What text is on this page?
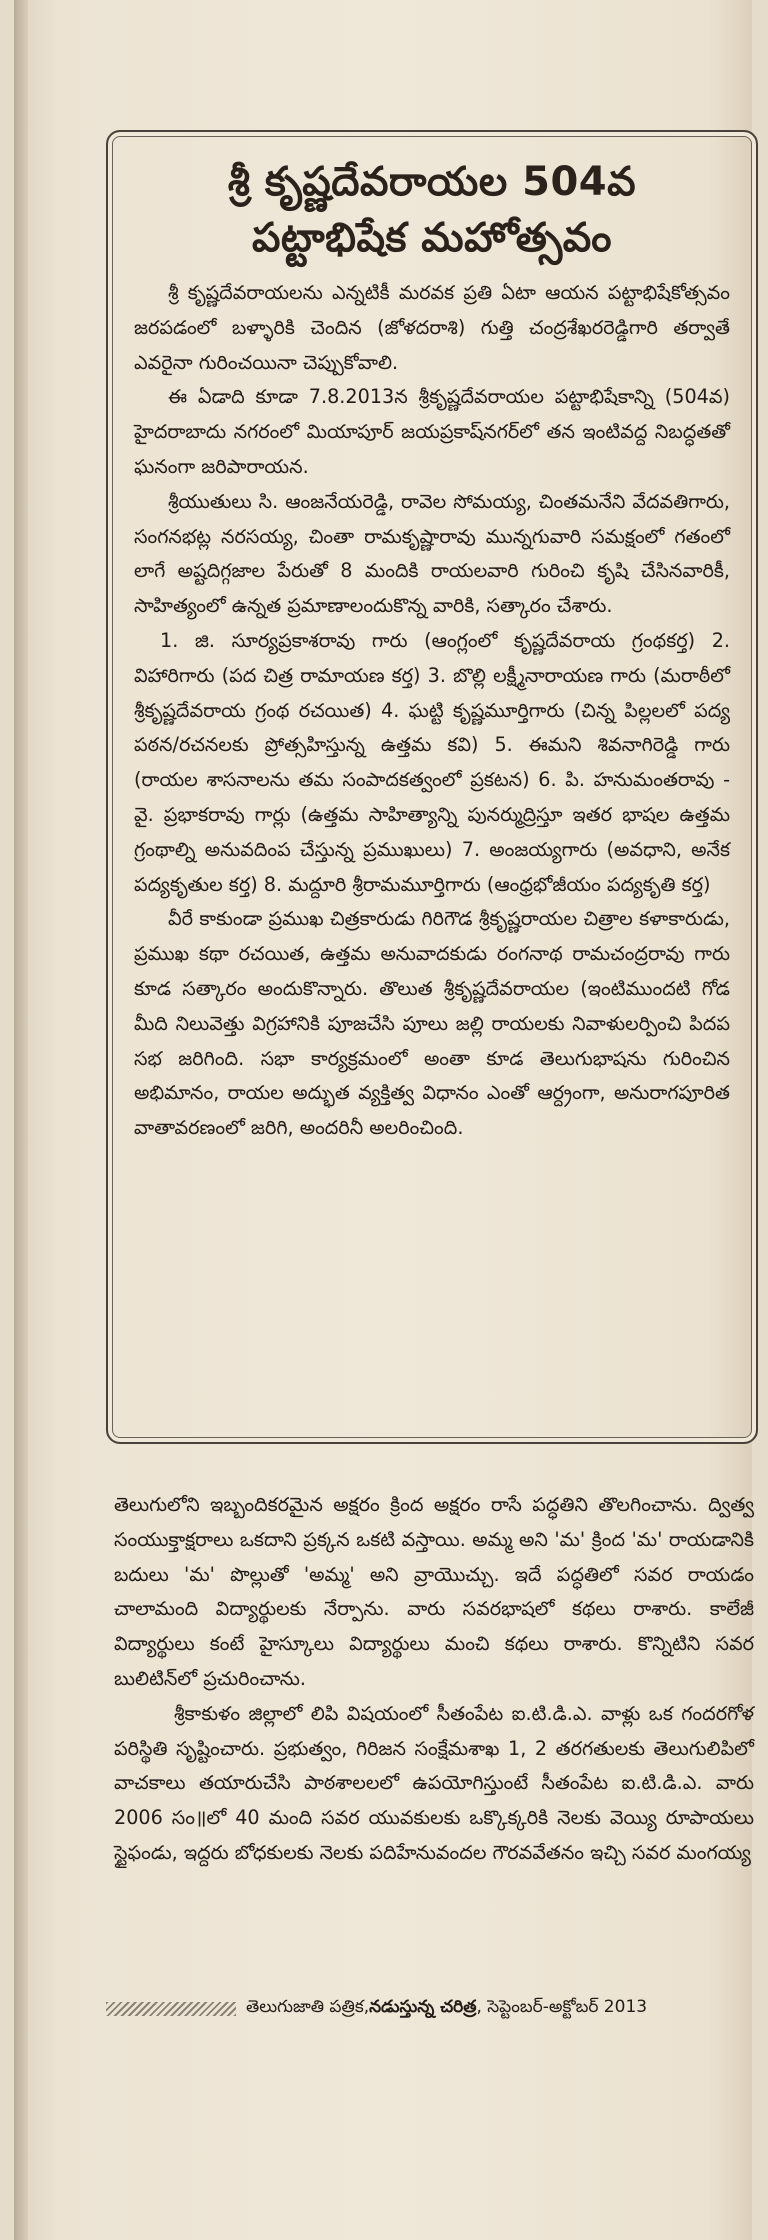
శ్రీ కృష్ణదేవరాయల 504వ
పట్టాభిషేక మహోత్సవం

శ్రీ కృష్ణదేవరాయలను ఎన్నటికీ మరవక ప్రతి ఏటా ఆయన పట్టాభిషేకోత్సవం జరపడంలో బళ్ళారికి చెందిన (జోళదరాశి) గుత్తి చంద్రశేఖరరెడ్డిగారి తర్వాతే ఎవరైనా గురించయినా చెప్పుకోవాలి.

ఈ ఏడాది కూడా 7.8.2013న శ్రీకృష్ణదేవరాయల పట్టాభిషేకాన్ని (504వ) హైదరాబాదు నగరంలో మియాపూర్ జయప్రకాష్‌నగర్‌లో తన ఇంటివద్ద నిబద్ధతతో ఘనంగా జరిపారాయన.

శ్రీయుతులు సి. ఆంజనేయరెడ్డి, రావెల సోమయ్య, చింతమనేని వేదవతిగారు, సంగనభట్ల నరసయ్య, చింతా రామకృష్ణారావు మున్నగువారి సమక్షంలో గతంలో లాగే అష్టదిగ్గజాల పేరుతో 8 మందికి రాయలవారి గురించి కృషి చేసినవారికీ, సాహిత్యంలో ఉన్నత ప్రమాణాలందుకొన్న వారికి, సత్కారం చేశారు.

1. జి. సూర్యప్రకాశరావు గారు (ఆంగ్లంలో కృష్ణదేవరాయ గ్రంథకర్త) 2. విహారిగారు (పద చిత్ర రామాయణ కర్త) 3. బొల్లి లక్ష్మీనారాయణ గారు (మరాఠీలో శ్రీకృష్ణదేవరాయ గ్రంథ రచయిత) 4. ఘట్టి కృష్ణమూర్తిగారు (చిన్న పిల్లలలో పద్య పఠన/రచనలకు ప్రోత్సహిస్తున్న ఉత్తమ కవి) 5. ఈమని శివనాగిరెడ్డి గారు (రాయల శాసనాలను తమ సంపాదకత్వంలో ప్రకటన) 6. పి. హనుమంతరావు - వై. ప్రభాకరావు గార్లు (ఉత్తమ సాహిత్యాన్ని పునర్ముద్రిస్తూ ఇతర భాషల ఉత్తమ గ్రంథాల్ని అనువదింప చేస్తున్న ప్రముఖులు) 7. అంజయ్యగారు (అవధాని, అనేక పద్యకృతుల కర్త) 8. మద్దూరి శ్రీరామమూర్తిగారు (ఆంధ్రభోజీయం పద్యకృతి కర్త)

వీరే కాకుండా ప్రముఖ చిత్రకారుడు గిరిగౌడ శ్రీకృష్ణరాయల చిత్రాల కళాకారుడు, ప్రముఖ కథా రచయిత, ఉత్తమ అనువాదకుడు రంగనాథ రామచంద్రరావు గారు కూడ సత్కారం అందుకొన్నారు. తొలుత శ్రీకృష్ణదేవరాయల (ఇంటిముందటి గోడ మీది నిలువెత్తు విగ్రహానికి పూజచేసి పూలు జల్లి రాయలకు నివాళులర్పించి పిదప సభ జరిగింది. సభా కార్యక్రమంలో అంతా కూడ తెలుగుభాషను గురించిన అభిమానం, రాయల అద్భుత వ్యక్తిత్వ విధానం ఎంతో ఆర్ద్రంగా, అనురాగపూరిత వాతావరణంలో జరిగి, అందరినీ అలరించింది.

తెలుగులోని ఇబ్బందికరమైన అక్షరం క్రింద అక్షరం రాసే పద్ధతిని తొలగించాను. ద్విత్వ సంయుక్తాక్షరాలు ఒకదాని ప్రక్కన ఒకటి వస్తాయి. అమ్మ అని 'మ' క్రింద 'మ' రాయడానికి బదులు 'మ' పొల్లుతో 'అమ్మ' అని వ్రాయొచ్చు. ఇదే పద్ధతిలో సవర రాయడం చాలామంది విద్యార్థులకు నేర్పాను. వారు సవరభాషలో కథలు రాశారు. కాలేజీ విద్యార్థులు కంటే హైస్కూలు విద్యార్థులు మంచి కథలు రాశారు. కొన్నిటిని సవర బులిటిన్‌లో ప్రచురించాను.

శ్రీకాకుళం జిల్లాలో లిపి విషయంలో సీతంపేట ఐ.టి.డి.ఎ. వాళ్లు ఒక గందరగోళ పరిస్థితి సృష్టించారు. ప్రభుత్వం, గిరిజన సంక్షేమశాఖ 1, 2 తరగతులకు తెలుగులిపిలో వాచకాలు తయారుచేసి పాఠశాలలలో ఉపయోగిస్తుంటే సీతంపేట ఐ.టి.డి.ఎ. వారు 2006 సం॥లో 40 మంది సవర యువకులకు ఒక్కొక్కరికి నెలకు వెయ్యి రూపాయలు స్టైఫండు, ఇద్దరు బోధకులకు నెలకు పదిహేనువందల గౌరవవేతనం ఇచ్చి సవర మంగయ్య

తెలుగుజాతి పత్రిక, నడుస్తున్న చరిత్ర , సెప్టెంబర్-అక్టోబర్ 2013
